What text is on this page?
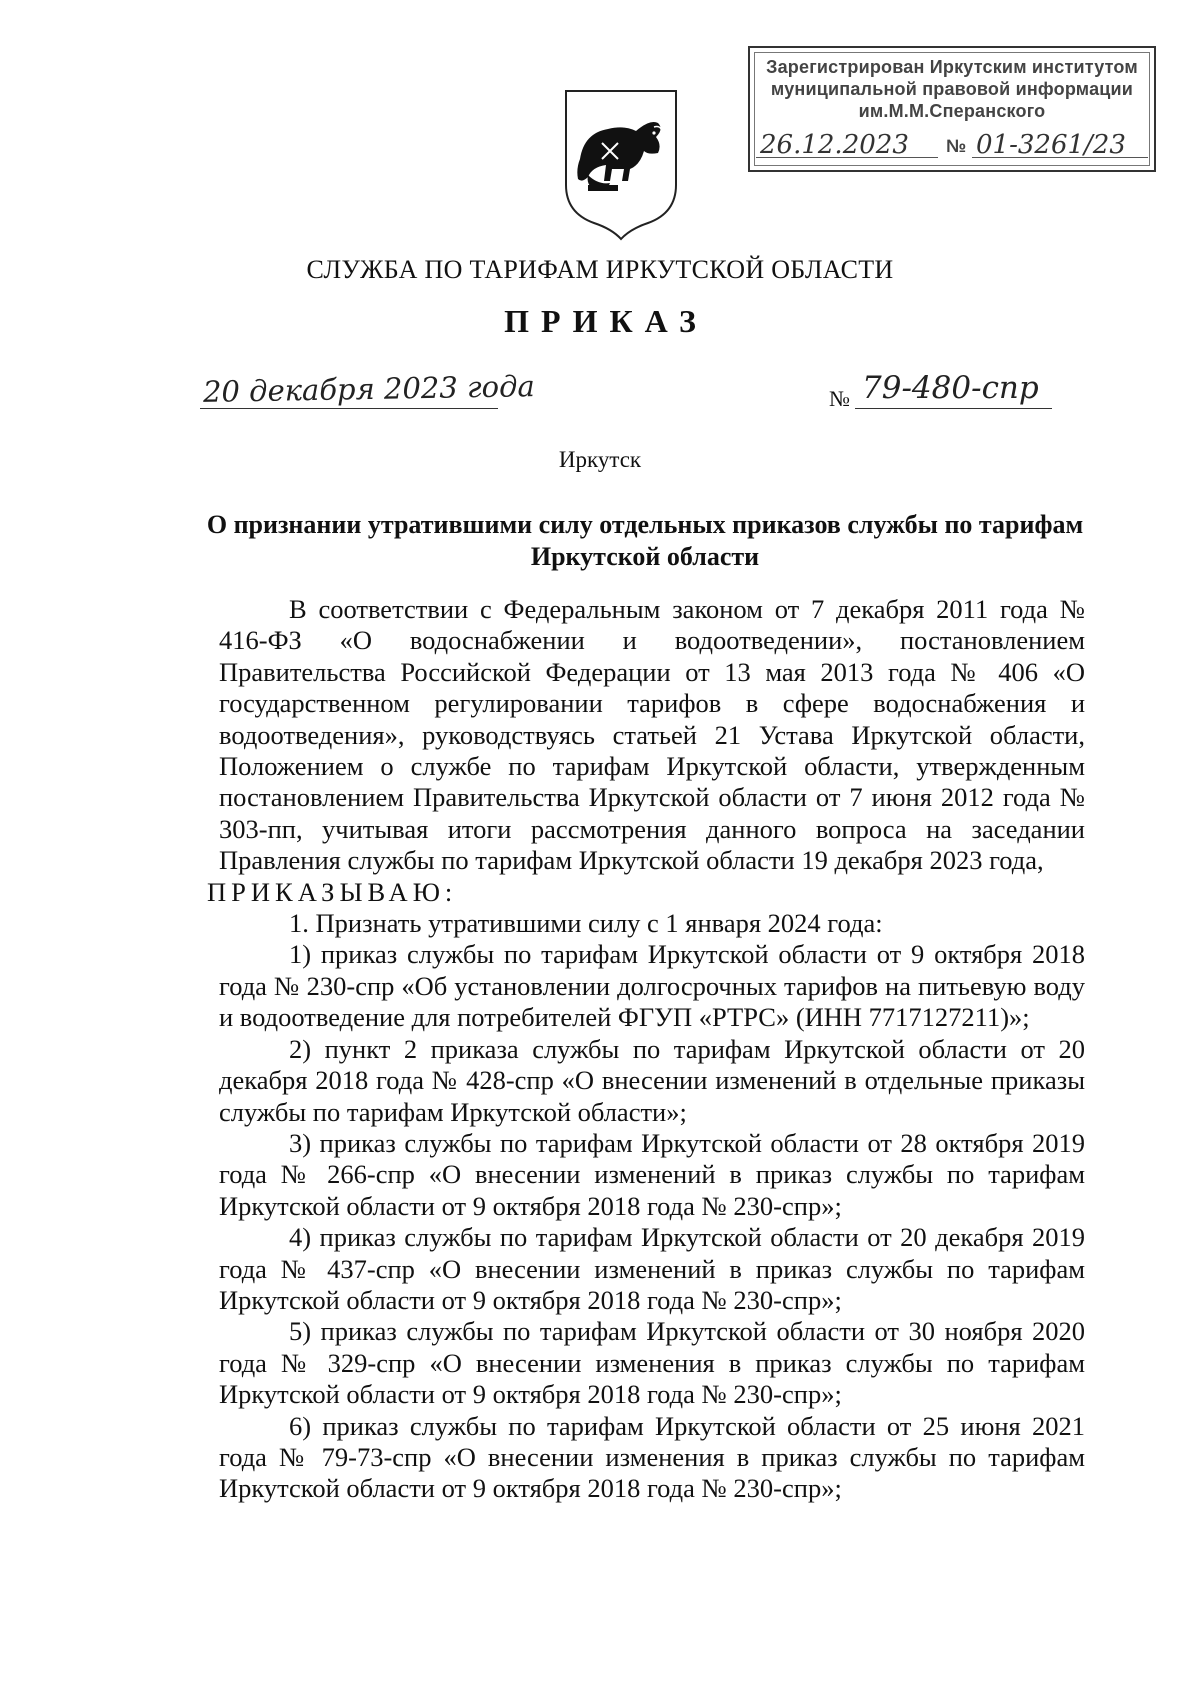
Зарегистрирован Иркутским институтом
муниципальной правовой информации
им.М.М.Сперанского
26.12.2023 № 01-3261/23
СЛУЖБА ПО ТАРИФАМ ИРКУТСКОЙ ОБЛАСТИ
ПРИКАЗ
20 декабря 2023 года	№ 79-480-спр
Иркутск
О признании утратившими силу отдельных приказов службы по тарифам Иркутской области

В соответствии с Федеральным законом от 7 декабря 2011 года № 416-ФЗ «О водоснабжении и водоотведении», постановлением Правительства Российской Федерации от 13 мая 2013 года № 406 «О государственном регулировании тарифов в сфере водоснабжения и водоотведения», руководствуясь статьей 21 Устава Иркутской области, Положением о службе по тарифам Иркутской области, утвержденным постановлением Правительства Иркутской области от 7 июня 2012 года № 303-пп, учитывая итоги рассмотрения данного вопроса на заседании Правления службы по тарифам Иркутской области 19 декабря 2023 года,

ПРИКАЗЫВАЮ:

1. Признать утратившими силу с 1 января 2024 года:

1) приказ службы по тарифам Иркутской области от 9 октября 2018 года № 230-спр «Об установлении долгосрочных тарифов на питьевую воду и водоотведение для потребителей ФГУП «РТРС» (ИНН 7717127211)»;

2) пункт 2 приказа службы по тарифам Иркутской области от 20 декабря 2018 года № 428-спр «О внесении изменений в отдельные приказы службы по тарифам Иркутской области»;

3) приказ службы по тарифам Иркутской области от 28 октября 2019 года № 266-спр «О внесении изменений в приказ службы по тарифам Иркутской области от 9 октября 2018 года № 230-спр»;

4) приказ службы по тарифам Иркутской области от 20 декабря 2019 года № 437-спр «О внесении изменений в приказ службы по тарифам Иркутской области от 9 октября 2018 года № 230-спр»;

5) приказ службы по тарифам Иркутской области от 30 ноября 2020 года № 329-спр «О внесении изменения в приказ службы по тарифам Иркутской области от 9 октября 2018 года № 230-спр»;

6) приказ службы по тарифам Иркутской области от 25 июня 2021 года № 79-73-спр «О внесении изменения в приказ службы по тарифам Иркутской области от 9 октября 2018 года № 230-спр»;
